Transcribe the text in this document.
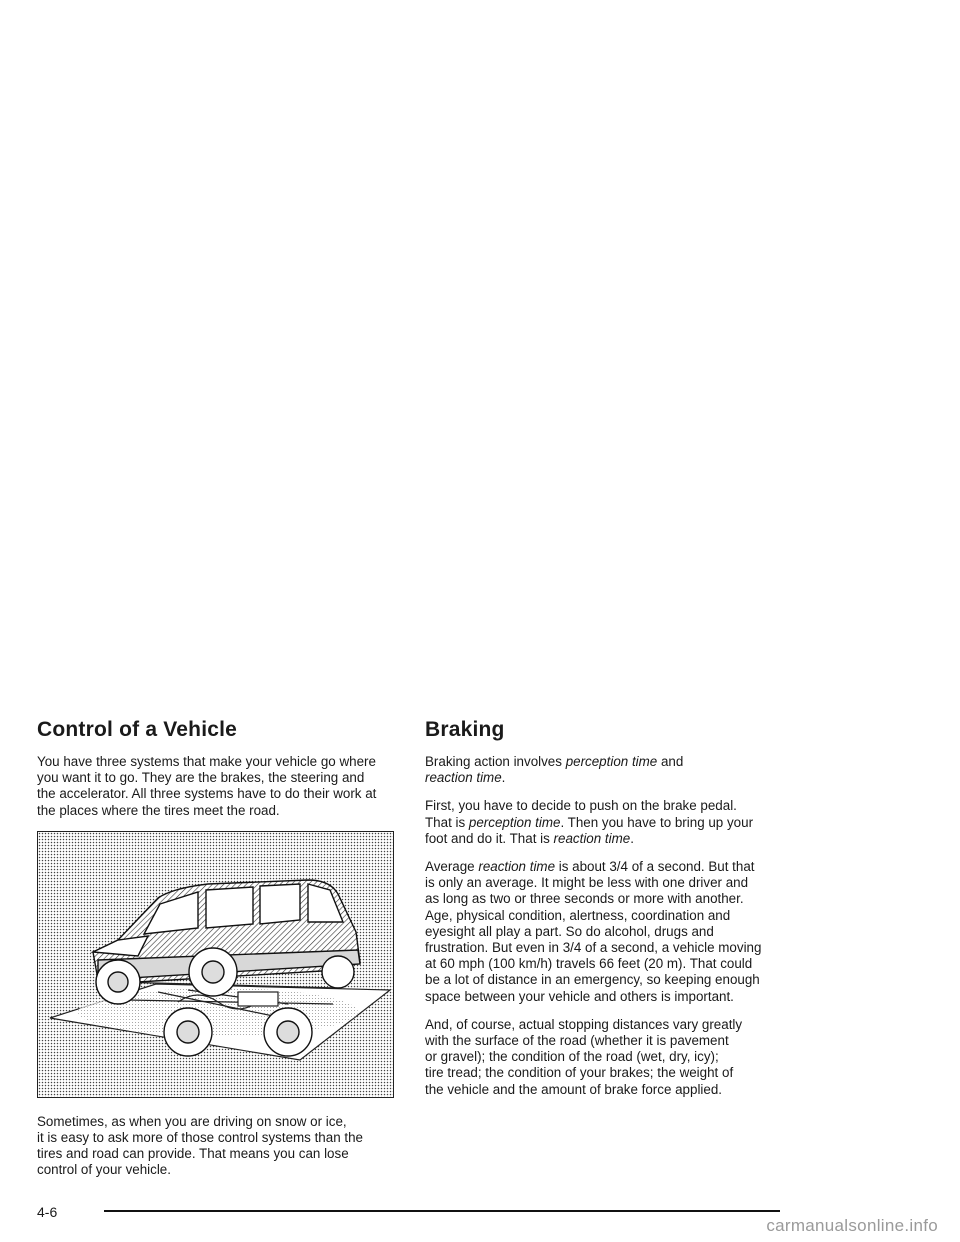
Control of a Vehicle

You have three systems that make your vehicle go where
you want it to go. They are the brakes, the steering and
the accelerator. All three systems have to do their work at
the places where the tires meet the road.

Sometimes, as when you are driving on snow or ice,
it is easy to ask more of those control systems than the
tires and road can provide. That means you can lose
control of your vehicle.

Braking

Braking action involves perception time and
reaction time.

First, you have to decide to push on the brake pedal.
That is perception time. Then you have to bring up your
foot and do it. That is reaction time.

Average reaction time is about 3/4 of a second. But that
is only an average. It might be less with one driver and
as long as two or three seconds or more with another.
Age, physical condition, alertness, coordination and
eyesight all play a part. So do alcohol, drugs and
frustration. But even in 3/4 of a second, a vehicle moving
at 60 mph (100 km/h) travels 66 feet (20 m). That could
be a lot of distance in an emergency, so keeping enough
space between your vehicle and others is important.

And, of course, actual stopping distances vary greatly
with the surface of the road (whether it is pavement
or gravel); the condition of the road (wet, dry, icy);
tire tread; the condition of your brakes; the weight of
the vehicle and the amount of brake force applied.

4-6
carmanualsonline.info
